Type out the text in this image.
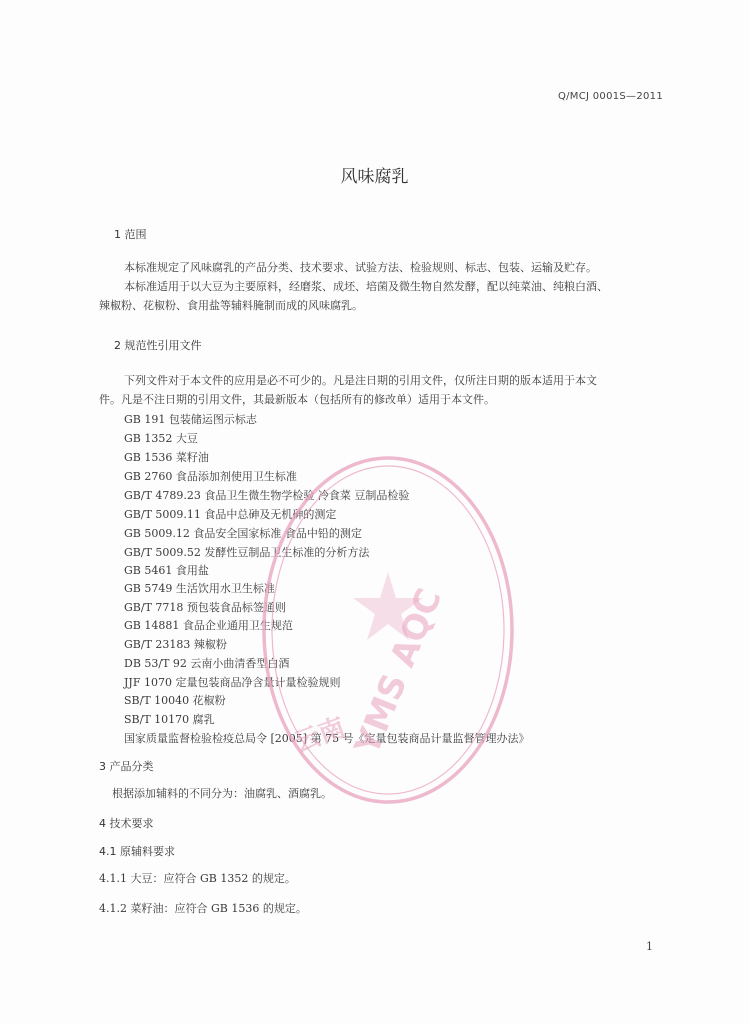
Q/MCJ 0001S—2011
风味腐乳
1 范围
本标准规定了风味腐乳的产品分类、技术要求、试验方法、检验规则、标志、包装、运输及贮存。
本标准适用于以大豆为主要原料，经磨浆、成坯、培菌及微生物自然发酵，配以纯菜油、纯粮白酒、
辣椒粉、花椒粉、食用盐等辅料腌制而成的风味腐乳。
2 规范性引用文件
下列文件对于本文件的应用是必不可少的。凡是注日期的引用文件，仅所注日期的版本适用于本文
件。凡是不注日期的引用文件，其最新版本（包括所有的修改单）适用于本文件。
GB 191 包装储运图示标志
GB 1352 大豆
GB 1536 菜籽油
GB 2760 食品添加剂使用卫生标准
GB/T 4789.23 食品卫生微生物学检验 冷食菜 豆制品检验
GB/T 5009.11 食品中总砷及无机砷的测定
GB 5009.12 食品安全国家标准 食品中铅的测定
GB/T 5009.52 发酵性豆制品卫生标准的分析方法
GB 5461 食用盐
GB 5749 生活饮用水卫生标准
GB/T 7718 预包装食品标签通则
GB 14881 食品企业通用卫生规范
GB/T 23183 辣椒粉
DB 53/T 92 云南小曲清香型白酒
JJF 1070 定量包装商品净含量计量检验规则
SB/T 10040 花椒粉
SB/T 10170 腐乳
国家质量监督检验检疫总局令 [2005] 第 75 号《定量包装商品计量监督管理办法》
3 产品分类
根据添加辅料的不同分为：油腐乳、酒腐乳。
4 技术要求
4.1 原辅料要求
4.1.1 大豆：应符合 GB 1352 的规定。
4.1.2 菜籽油：应符合 GB 1536 的规定。
1
YMS AQC
云南
